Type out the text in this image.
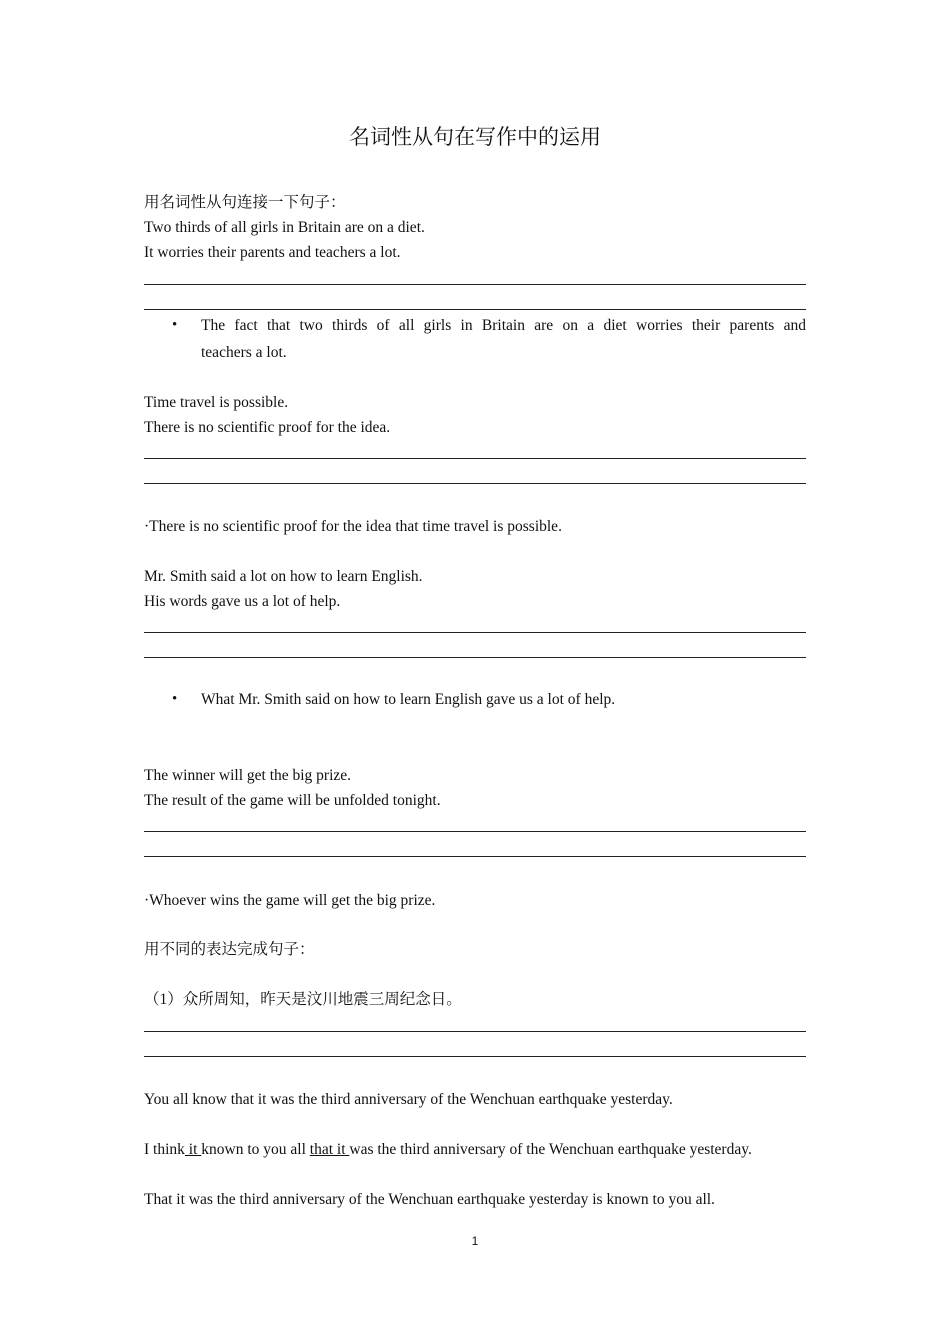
名词性从句在写作中的运用
用名词性从句连接一下句子：
Two thirds of all girls in Britain are on a diet.
It worries their parents and teachers a lot.
• The fact that two thirds of all girls in Britain are on a diet worries their parents and
teachers a lot.
Time travel is possible.
There is no scientific proof for the idea.
·There is no scientific proof for the idea that time travel is possible.
Mr. Smith said a lot on how to learn English.
His words gave us a lot of help.
• What Mr. Smith said on how to learn English gave us a lot of help.
The winner will get the big prize.
The result of the game will be unfolded tonight.
·Whoever wins the game will get the big prize.
用不同的表达完成句子：
（1）众所周知，昨天是汶川地震三周纪念日。
You all know that it was the third anniversary of the Wenchuan earthquake yesterday.
I think it known to you all that it was the third anniversary of the Wenchuan earthquake yesterday.
That it was the third anniversary of the Wenchuan earthquake yesterday is known to you all.
1
